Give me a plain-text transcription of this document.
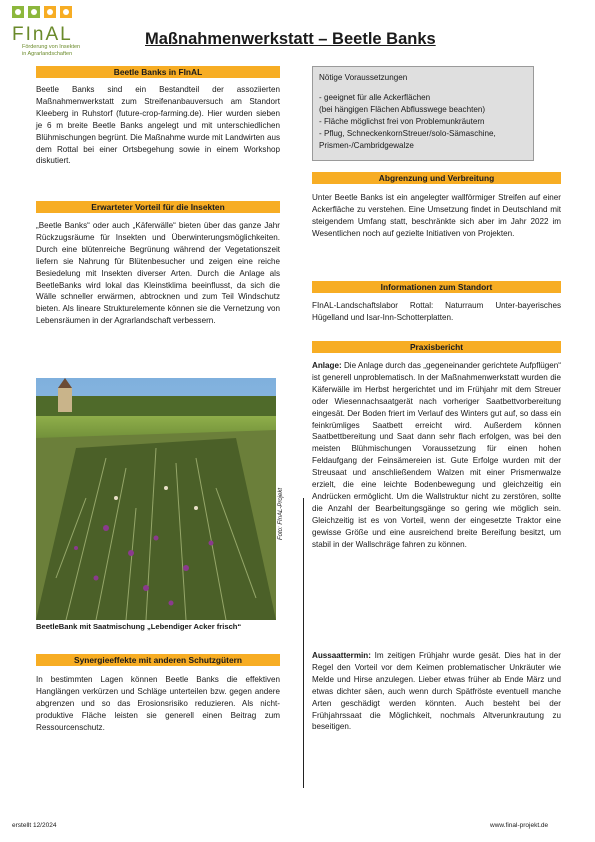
FInAL
Förderung von Insekten
in Agrarlandschaften
Maßnahmenwerkstatt – Beetle Banks
Beetle Banks in FInAL
Beetle Banks sind ein Bestandteil der assoziierten Maßnahmenwerkstatt zum Streifenanbauversuch am Standort Kleeberg in Ruhstorf (future-crop-farming.de). Hier wurden sieben je 6 m breite Beetle Banks angelegt und mit unterschiedlichen Blühmischungen begrünt. Die Maßnahme wurde mit Landwirten aus dem Rottal bei einer Ortsbegehung sowie in einem Workshop diskutiert.
Erwarteter Vorteil für die Insekten
„Beetle Banks“ oder auch „Käferwälle“ bieten über das ganze Jahr Rückzugsräume für Insekten und Überwinterungsmöglichkeiten. Durch eine blütenreiche Begrünung während der Vegetationszeit liefern sie Nahrung für Blütenbesucher und zeigen eine reiche Besiedelung mit Insekten diverser Arten. Durch die Anlage als BeetleBanks wird lokal das Kleinstklima beeinflusst, da sich die Wälle schneller erwärmen, abtrocknen und zum Teil Windschutz bieten. Als lineare Strukturelemente können sie die Vernetzung von Lebensräumen in der Agrarlandschaft verbessern.
Foto: FInAL-Projekt
BeetleBank mit Saatmischung „Lebendiger Acker frisch“
Synergieeffekte mit anderen Schutzgütern
In bestimmten Lagen können Beetle Banks die effektiven Hanglängen verkürzen und Schläge unterteilen bzw. gegen andere abgrenzen und so das Erosionsrisiko reduzieren. Als nicht-produktive Fläche leisten sie generell einen Beitrag zum Ressourcenschutz.
Nötige Voraussetzungen
- geeignet für alle Ackerflächen
(bei hängigen Flächen Abflusswege beachten)
- Fläche möglichst frei von Problemunkräutern
- Pflug, SchneckenkornStreuer/solo-Sämaschine, Prismen-/Cambridgewalze
Abgrenzung und Verbreitung
Unter Beetle Banks ist ein angelegter wallförmiger Streifen auf einer Ackerfläche zu verstehen. Eine Umsetzung findet in Deutschland mit steigendem Umfang statt, beschränkte sich aber im Jahr 2022 im Wesentlichen noch auf gezielte Initiativen von Projekten.
Informationen zum Standort
FInAL-Landschaftslabor Rottal: Naturraum Unter-bayerisches Hügelland und Isar-Inn-Schotterplatten.
Praxisbericht
Anlage: Die Anlage durch das „gegeneinander gerichtete Aufpflügen“ ist generell unproblematisch. In der Maßnahmenwerkstatt wurden die Käferwälle im Herbst hergerichtet und im Frühjahr mit dem Streuer oder Wiesennachsaatgerät nach vorheriger Saatbettvorbereitung eingesät. Der Boden friert im Verlauf des Winters gut auf, so dass ein feinkrümliges Saatbett erreicht wird. Außerdem können Saatbettbereitung und Saat dann sehr flach erfolgen, was bei den meisten Blühmischungen Voraussetzung für einen hohen Feldaufgang der Feinsämereien ist. Gute Erfolge wurden mit der Streusaat und anschließendem Walzen mit einer Prismenwalze erzielt, die eine leichte Bodenbewegung und gleichzeitig ein Andrücken ermöglicht. Um die Wallstruktur nicht zu zerstören, sollte die Anzahl der Bearbeitungsgänge so gering wie möglich sein. Gleichzeitig ist es von Vorteil, wenn der eingesetzte Traktor eine gewisse Größe und eine ausreichend breite Bereifung besitzt, um stabil in der Wallschräge fahren zu können.
Aussaattermin: Im zeitigen Frühjahr wurde gesät. Dies hat in der Regel den Vorteil vor dem Keimen problematischer Unkräuter wie Melde und Hirse anzulegen. Lieber etwas früher ab Ende März und etwas dichter säen, auch wenn durch Spätfröste eventuell manche Arten geschädigt werden könnten. Auch besteht bei der Frühjahrssaat die Möglichkeit, nochmals Altverunkrautung zu beseitigen.
erstellt 12/2024	www.final-projekt.de
